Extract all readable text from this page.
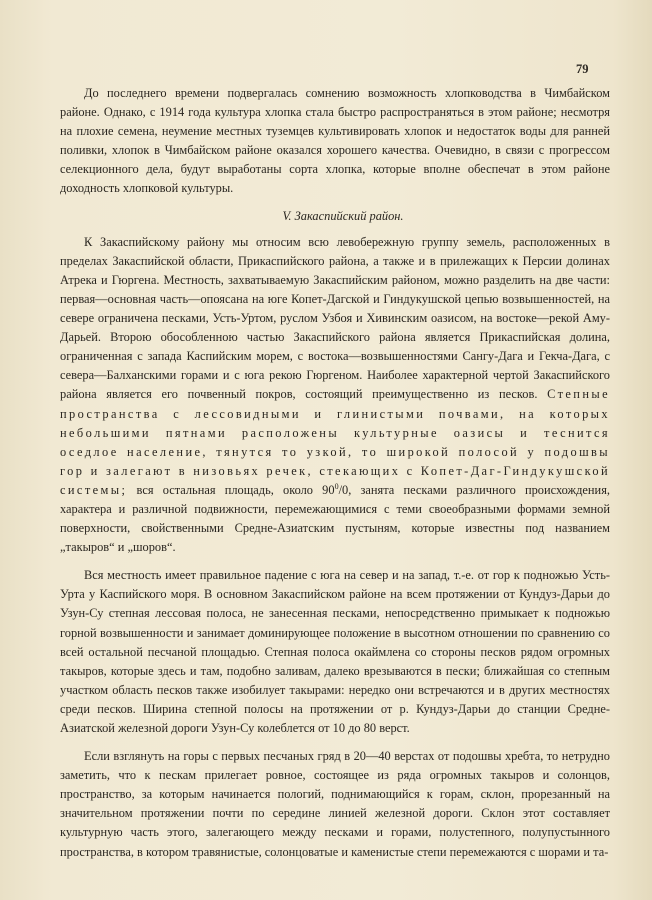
79

До последнего времени подвергалась сомнению возможность хлопководства в Чимбайском районе. Однако, с 1914 года культура хлопка стала быстро распространяться в этом районе; несмотря на плохие семена, неумение местных туземцев культивировать хлопок и недостаток воды для ранней поливки, хлопок в Чимбайском районе оказался хорошего качества. Очевидно, в связи с прогрессом селекционного дела, будут выработаны сорта хлопка, которые вполне обеспечат в этом районе доходность хлопковой культуры.

V. Закаспийский район.

К Закаспийскому району мы относим всю левобережную группу земель, расположенных в пределах Закаспийской области, Прикаспийского района, а также и в прилежащих к Персии долинах Атрека и Гюргена. Местность, захватываемую Закаспийским районом, можно разделить на две части: первая—основная часть—опоясана на юге Копет-Дагской и Гиндукушской цепью возвышенностей, на севере ограничена песками, Усть-Уртом, руслом Узбоя и Хивинским оазисом, на востоке—рекой Аму-Дарьей. Второю обособленною частью Закаспийского района является Прикаспийская долина, ограниченная с запада Каспийским морем, с востока—возвышенностями Сангу-Дага и Гекча-Дага, с севера—Балханскими горами и с юга рекою Гюргеном. Наиболее характерной чертой Закаспийского района является его почвенный покров, состоящий преимущественно из песков. Степные пространства с лессовидными и глинистыми почвами, на которых небольшими пятнами расположены культурные оазисы и теснится оседлое население, тянутся то узкой, то широкой полосой у подошвы гор и залегают в низовьях речек, стекающих с Копет-Даг-Гиндукушской системы; вся остальная площадь, около $90^0/0$, занята песками различного происхождения, характера и различной подвижности, перемежающимися с теми своеобразными формами земной поверхности, свойственными Средне-Азиатским пустыням, которые известны под названием „такыров“ и „шоров“.

Вся местность имеет правильное падение с юга на север и на запад, т.-е. от гор к подножью Усть-Урта у Каспийского моря. В основном Закаспийском районе на всем протяжении от Кундуз-Дарьи до Узун-Су степная лессовая полоса, не занесенная песками, непосредственно примыкает к подножью горной возвышенности и занимает доминирующее положение в высотном отношении по сравнению со всей остальной песчаной площадью. Степная полоса окаймлена со стороны песков рядом огромных такыров, которые здесь и там, подобно заливам, далеко врезываются в пески; ближайшая со степным участком область песков также изобилует такырами: нередко они встречаются и в других местностях среди песков. Ширина степной полосы на протяжении от р. Кундуз-Дарьи до станции Средне-Азиатской железной дороги Узун-Су колеблется от 10 до 80 верст.

Если взглянуть на горы с первых песчаных гряд в 20—40 верстах от подошвы хребта, то нетрудно заметить, что к пескам прилегает ровное, состоящее из ряда огромных такыров и солонцов, пространство, за которым начинается пологий, поднимающийся к горам, склон, прорезанный на значительном протяжении почти по середине линией железной дороги. Склон этот составляет культурную часть этого, залегающего между песками и горами, полустепного, полупустынного пространства, в котором травянистые, солонцоватые и каменистые степи перемежаются с шорами и та-
